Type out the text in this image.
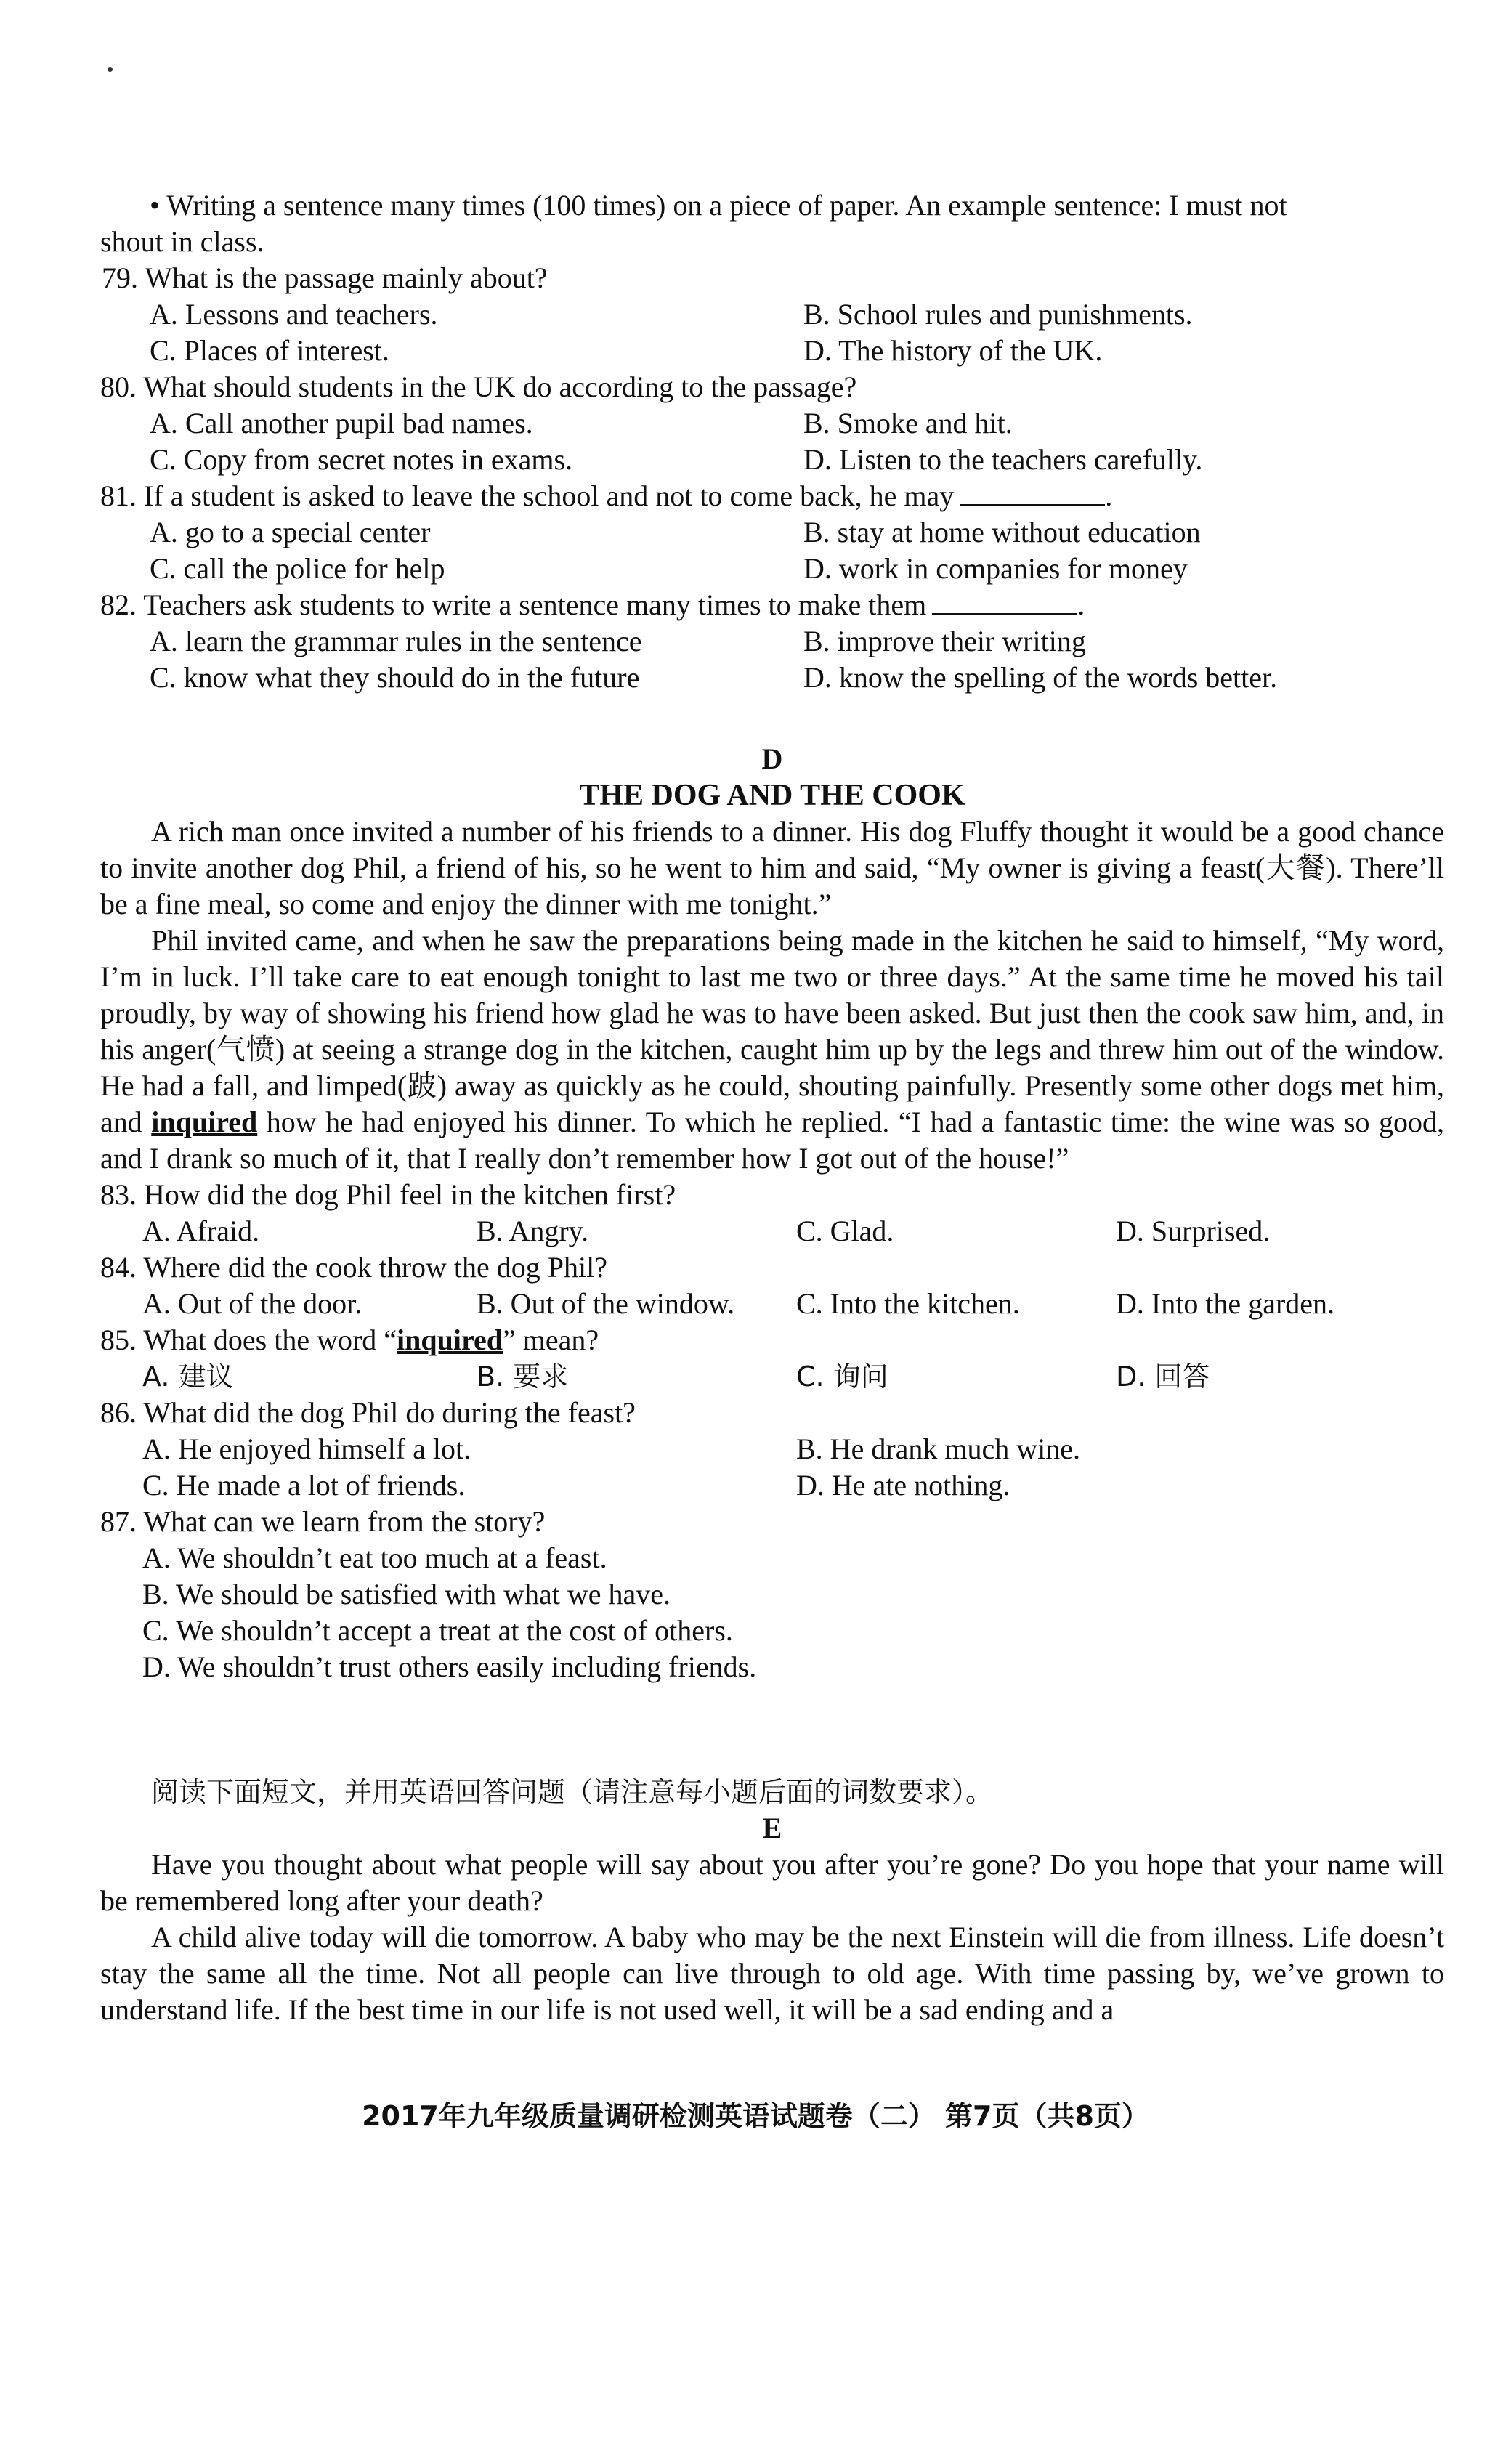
• Writing a sentence many times (100 times) on a piece of paper. An example sentence: I must not

shout in class.

79. What is the passage mainly about?

A. Lessons and teachers.	B. School rules and punishments.
C. Places of interest.	D. The history of the UK.

80. What should students in the UK do according to the passage?

A. Call another pupil bad names.	B. Smoke and hit.
C. Copy from secret notes in exams.	D. Listen to the teachers carefully.

81. If a student is asked to leave the school and not to come back, he may	.

A. go to a special center	B. stay at home without education
C. call the police for help	D. work in companies for money

82. Teachers ask students to write a sentence many times to make them	.

A. learn the grammar rules in the sentence	B. improve their writing
C. know what they should do in the future	D. know the spelling of the words better.

D

THE DOG AND THE COOK

A rich man once invited a number of his friends to a dinner. His dog Fluffy thought it would be a good chance to invite another dog Phil, a friend of his, so he went to him and said, “My owner is giving a feast(大餐). There’ll be a fine meal, so come and enjoy the dinner with me tonight.”

Phil invited came, and when he saw the preparations being made in the kitchen he said to himself, “My word, I’m in luck. I’ll take care to eat enough tonight to last me two or three days.” At the same time he moved his tail proudly, by way of showing his friend how glad he was to have been asked. But just then the cook saw him, and, in his anger(气愤) at seeing a strange dog in the kitchen, caught him up by the legs and threw him out of the window. He had a fall, and limped(跛) away as quickly as he could, shouting painfully. Presently some other dogs met him, and inquired how he had enjoyed his dinner. To which he replied. “I had a fantastic time: the wine was so good, and I drank so much of it, that I really don’t remember how I got out of the house!”

83. How did the dog Phil feel in the kitchen first?

A. Afraid.	B. Angry.	C. Glad.	D. Surprised.

84. Where did the cook throw the dog Phil?

A. Out of the door.	B. Out of the window.	C. Into the kitchen.	D. Into the garden.

85. What does the word “inquired” mean?

A. 建议	B. 要求	C. 询问	D. 回答

86. What did the dog Phil do during the feast?

A. He enjoyed himself a lot.	B. He drank much wine.
C. He made a lot of friends.	D. He ate nothing.

87. What can we learn from the story?

A. We shouldn’t eat too much at a feast.
B. We should be satisfied with what we have.
C. We shouldn’t accept a treat at the cost of others.
D. We shouldn’t trust others easily including friends.

阅读下面短文，并用英语回答问题（请注意每小题后面的词数要求）。

E

Have you thought about what people will say about you after you’re gone? Do you hope that your name will be remembered long after your death?

A child alive today will die tomorrow. A baby who may be the next Einstein will die from illness. Life doesn’t stay the same all the time. Not all people can live through to old age. With time passing by, we’ve grown to understand life. If the best time in our life is not used well, it will be a sad ending and a

2017年九年级质量调研检测英语试题卷（二） 第7页（共8页）
